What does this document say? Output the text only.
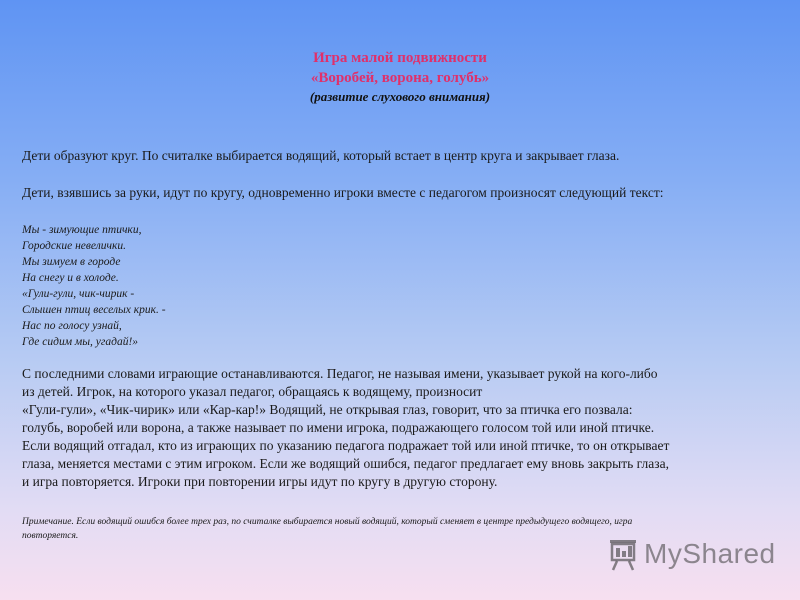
Игра малой подвижности
«Воробей, ворона, голубь»
(развитие слухового внимания)
Дети образуют круг. По считалке выбирается водящий, который встает в центр круга и закрывает глаза.
Дети, взявшись за руки, идут по кругу, одновременно игроки вместе с педагогом произносят следующий текст:
Мы - зимующие птички,
Городские невелички.
Мы зимуем в городе
На снегу и в холоде.
«Гули-гули, чик-чирик -
Слышен птиц веселых крик. -
Нас по голосу узнай,
Где сидим мы, угадай!»
С последними словами играющие останавливаются. Педагог, не называя имени, указывает рукой на кого-либо
из детей. Игрок, на которого указал педагог, обращаясь к водящему, произносит
«Гули-гули», «Чик-чирик» или «Кар-кар!» Водящий, не открывая глаз, говорит, что за птичка его позвала:
голубь, воробей или ворона, а также называет по имени игрока, подражающего голосом той или иной птичке.
Если водящий отгадал, кто из играющих по указанию педагога подражает той или иной птичке, то он открывает
глаза, меняется местами с этим игроком. Если же водящий ошибся, педагог предлагает ему вновь закрыть глаза,
и игра повторяется. Игроки при повторении игры идут по кругу в другую сторону.
Примечание. Если водящий ошибся более трех раз, по считалке выбирается новый водящий, который сменяет в центре предыдущего водящего, игра
повторяется.
MyShared
